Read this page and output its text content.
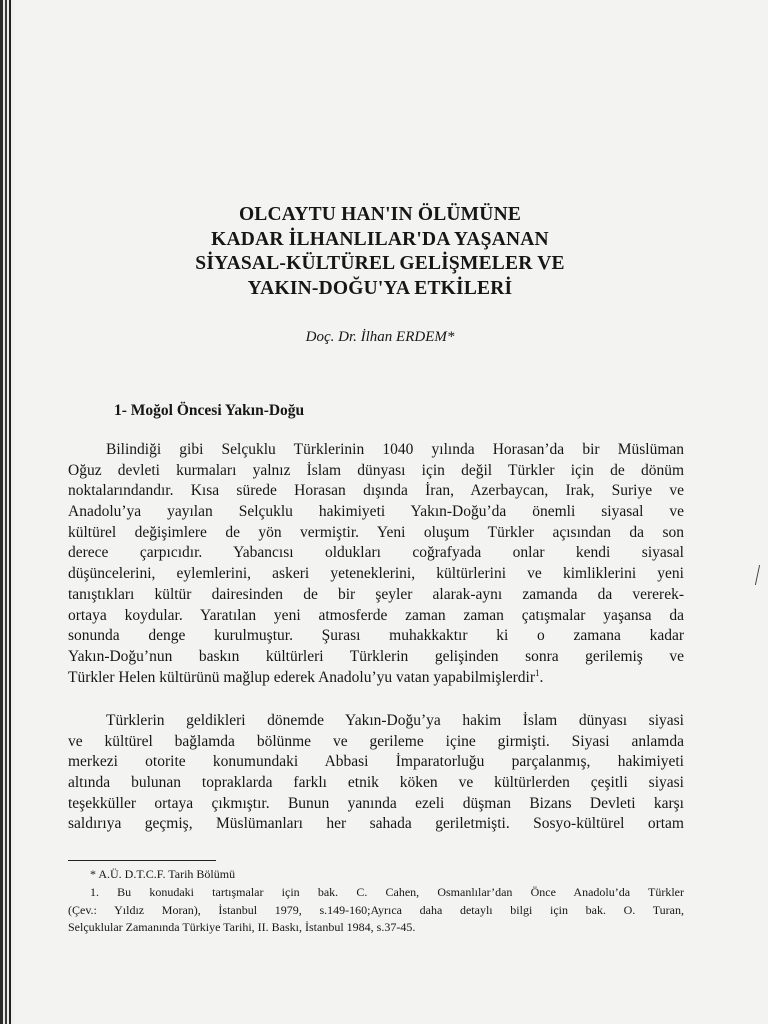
OLCAYTU HAN'IN ÖLÜMÜNE
KADAR İLHANLILAR'DA YAŞANAN
SİYASAL-KÜLTÜREL GELİŞMELER VE
YAKIN-DOĞU'YA ETKİLERİ
Doç. Dr. İlhan ERDEM*
1- Moğol Öncesi Yakın-Doğu
Bilindiği gibi Selçuklu Türklerinin 1040 yılında Horasan’da bir Müslüman
Oğuz devleti kurmaları yalnız İslam dünyası için değil Türkler için de dönüm
noktalarındandır. Kısa sürede Horasan dışında İran, Azerbaycan, Irak, Suriye ve
Anadolu’ya yayılan Selçuklu hakimiyeti Yakın-Doğu’da önemli siyasal ve
kültürel değişimlere de yön vermiştir. Yeni oluşum Türkler açısından da son
derece çarpıcıdır. Yabancısı oldukları coğrafyada onlar kendi siyasal
düşüncelerini, eylemlerini, askeri yeteneklerini, kültürlerini ve kimliklerini yeni
tanıştıkları kültür dairesinden de bir şeyler alarak-aynı zamanda da vererek-
ortaya koydular. Yaratılan yeni atmosferde zaman zaman çatışmalar yaşansa da
sonunda denge kurulmuştur. Şurası muhakkaktır ki o zamana kadar
Yakın-Doğu’nun baskın kültürleri Türklerin gelişinden sonra gerilemiş ve
Türkler Helen kültürünü mağlup ederek Anadolu’yu vatan yapabilmişlerdir$^1$.
Türklerin geldikleri dönemde Yakın-Doğu’ya hakim İslam dünyası siyasi
ve kültürel bağlamda bölünme ve gerileme içine girmişti. Siyasi anlamda
merkezi otorite konumundaki Abbasi İmparatorluğu parçalanmış, hakimiyeti
altında bulunan topraklarda farklı etnik köken ve kültürlerden çeşitli siyasi
teşekküller ortaya çıkmıştır. Bunun yanında ezeli düşman Bizans Devleti karşı
saldırıya geçmiş, Müslümanları her sahada geriletmişti. Sosyo-kültürel ortam
* A.Ü. D.T.C.F. Tarih Bölümü
1. Bu konudaki tartışmalar için bak. C. Cahen, Osmanlılar’dan Önce Anadolu’da Türkler
(Çev.: Yıldız Moran), İstanbul 1979, s.149-160;Ayrıca daha detaylı bilgi için bak. O. Turan,
Selçuklular Zamanında Türkiye Tarihi, II. Baskı, İstanbul 1984, s.37-45.
